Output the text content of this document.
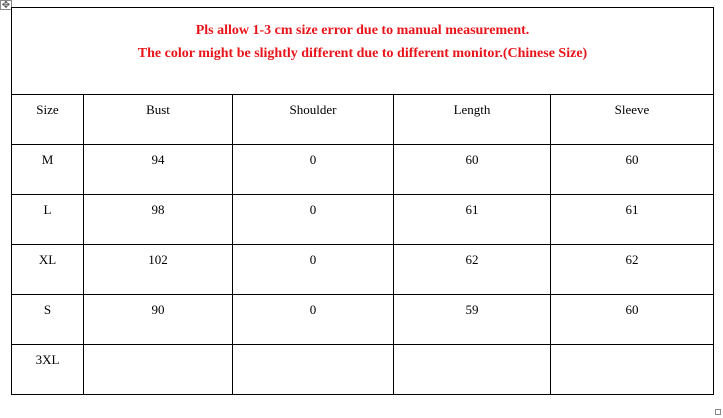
✥
Pls allow 1-3 cm size error due to manual measurement.
The color might be slightly different due to different monitor.(Chinese Size)				

Size	Bust	Shoulder	Length	Sleeve

M	94	0	60	60

L	98	0	61	61

XL	102	0	62	62

S	90	0	59	60

3XL				
